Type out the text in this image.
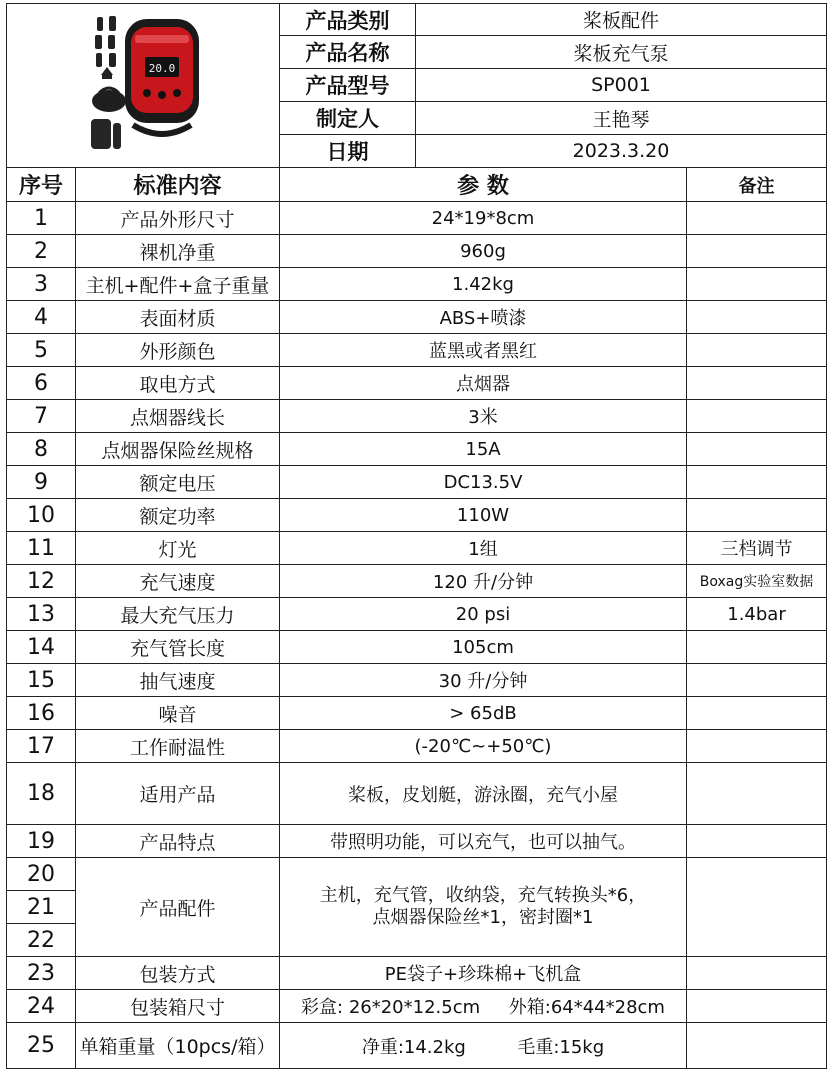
20.0		产品类别	桨板配件	
		产品名称	桨板充气泵	
		产品型号	SP001	
		制定人	王艳琴	
		日期	2023.3.20	
序号	标准内容	参 数		备注
1	产品外形尺寸	24*19*8cm		
2	裸机净重	960g		
3	主机+配件+盒子重量	1.42kg		
4	表面材质	ABS+喷漆		
5	外形颜色	蓝黑或者黑红		
6	取电方式	点烟器		
7	点烟器线长	3米		
8	点烟器保险丝规格	15A		
9	额定电压	DC13.5V		
10	额定功率	110W		
11	灯光	1组		三档调节
12	充气速度	120 升/分钟		Boxag实验室数据
13	最大充气压力	20 psi		1.4bar
14	充气管长度	105cm		
15	抽气速度	30 升/分钟		
16	噪音	> 65dB		
17	工作耐温性	(-20℃~+50℃)		
18	适用产品	桨板，皮划艇，游泳圈，充气小屋		
19	产品特点	带照明功能，可以充气，也可以抽气。		
20	产品配件	主机，充气管，收纳袋，充气转换头*6，
点烟器保险丝*1，密封圈*1		

21				
22				
23	包装方式	PE袋子+珍珠棉+飞机盒		
24	包装箱尺寸	彩盒: 26*20*12.5cm 外箱:64*44*28cm		
25	单箱重量（10pcs/箱）	净重:14.2kg 毛重:15kg		
